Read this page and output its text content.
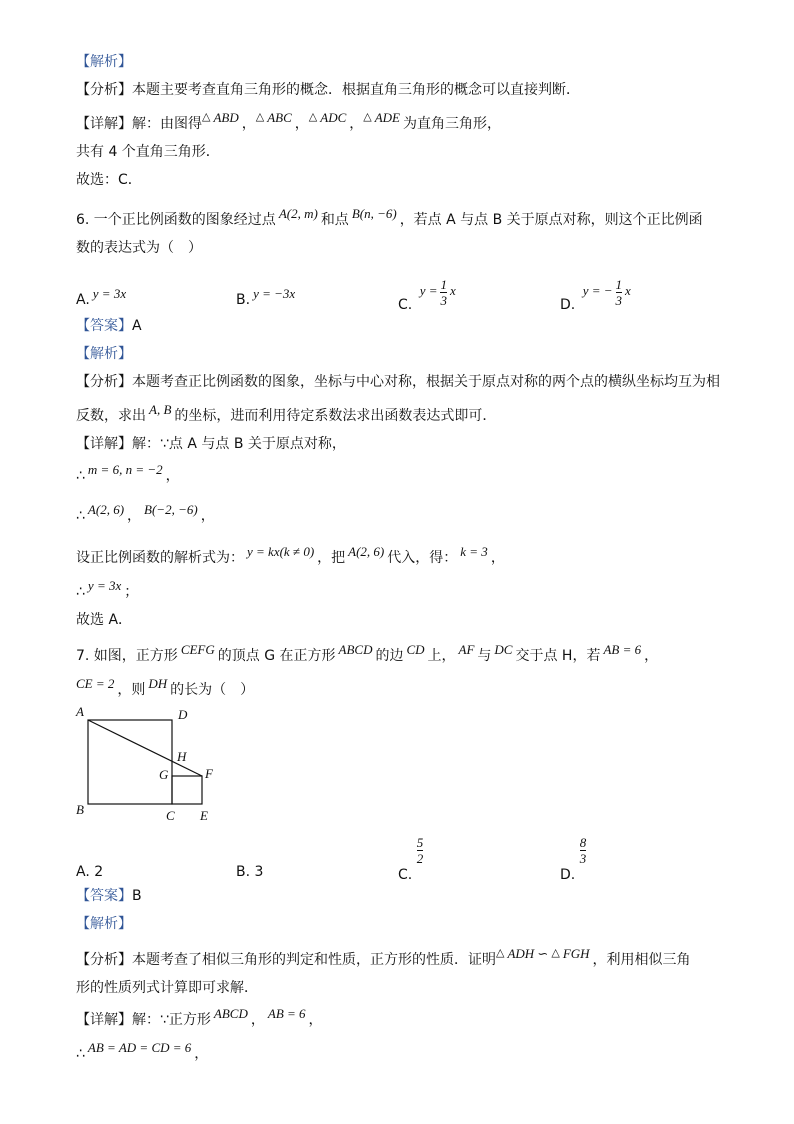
【解析】
【分析】本题主要考查直角三角形的概念．根据直角三角形的概念可以直接判断．
【详解】解：由图得△ ABD ，△ ABC ，△ ADC ，△ ADE 为直角三角形，
共有 4 个直角三角形．
故选：C．
6. 一个正比例函数的图象经过点 A(2, m) 和点 B(n, −6) ，若点 A 与点 B 关于原点对称，则这个正比例函
数的表达式为（　）
A. y = 3x	B. y = −3x
C. $y = \frac{1}{3}$ x
D. y = − $\frac{1}{3}$ x
【答案】A
【解析】
【分析】本题考查正比例函数的图象，坐标与中心对称，根据关于原点对称的两个点的横纵坐标均互为相
反数，求出 A, B 的坐标，进而利用待定系数法求出函数表达式即可．
【详解】解：∵点 A 与点 B 关于原点对称，
∴ m = 6, n = −2 ，
∴ A(2, 6) ， B(−2, −6) ，
设正比例函数的解析式为： y = kx(k ≠ 0) ，把 A(2, 6) 代入，得： k = 3 ，
∴ y = 3x ；
故选 A．
7. 如图，正方形 CEFG 的顶点 G 在正方形 ABCD 的边 CD 上， AF 与 DC 交于点 H，若 AB = 6 ，
CE = 2 ，则 DH 的长为（　）
A	D
H
G	F
B	C E
A. 2	B. 3	C.
$\frac{5}{2}$
D.
$\frac{8}{3}$
【答案】B
【解析】
【分析】本题考查了相似三角形的判定和性质，正方形的性质．证明△ ADH ∽ △ FGH ，利用相似三角
形的性质列式计算即可求解．
【详解】解：∵正方形 ABCD ， AB = 6 ，
∴ AB = AD = CD = 6 ，
